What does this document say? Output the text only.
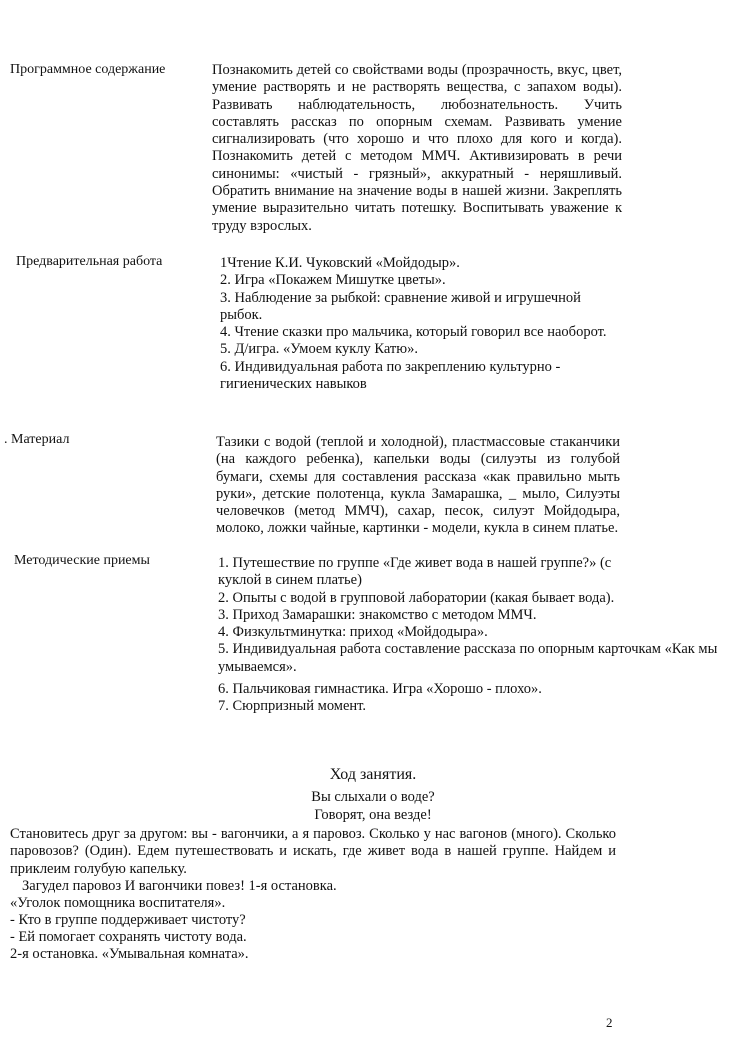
Программное содержание	Познакомить детей со свойствами воды (прозрачность, вкус, цвет, умение растворять и не растворять вещества, с запахом воды). Развивать наблюдательность, любознательность. Учить составлять рассказ по опорным схемам. Развивать умение сигнализировать (что хорошо и что плохо для кого и когда). Познакомить детей с методом ММЧ. Активизировать в речи синонимы: «чистый - грязный», аккуратный - неряшливый. Обратить внимание на значение воды в нашей жизни. Закреплять умение выразительно читать потешку. Воспитывать уважение к труду взрослых.
Предварительная работа	1Чтение К.И. Чуковский «Мойдодыр».
2. Игра «Покажем Мишутке цветы».
3. Наблюдение за рыбкой: сравнение живой и игрушечной рыбок.
4. Чтение сказки про мальчика, который говорил все наоборот.
5. Д/игра. «Умоем куклу Катю».
6. Индивидуальная работа по закреплению культурно - гигиенических навыков
. Материал	Тазики с водой (теплой и холодной), пластмассовые стаканчики (на каждого ребенка), капельки воды (силуэты из голубой бумаги, схемы для составления рассказа «как правильно мыть руки», детские полотенца, кукла Замарашка, _ мыло, Силуэты человечков (метод ММЧ), сахар, песок, силуэт Мойдодыра, молоко, ложки чайные, картинки - модели, кукла в синем платье.
Методические приемы	1. Путешествие по группе «Где живет вода в нашей группе?» (с куклой в синем платье)
2. Опыты с водой в групповой лаборатории (какая бывает вода).
3. Приход Замарашки: знакомство с методом ММЧ.
4. Физкультминутка: приход «Мойдодыра».
5. Индивидуальная работа составление рассказа по опорным карточкам «Как мы умываемся».
6. Пальчиковая гимнастика. Игра «Хорошо - плохо».
7. Сюрпризный момент.
Ход занятия.
Вы слыхали о воде?
Говорят, она везде!
Становитесь друг за другом: вы - вагончики, а я паровоз. Сколько у нас вагонов (много). Сколько паровозов? (Один). Едем путешествовать и искать, где живет вода в нашей группе. Найдем и приклеим голубую капельку.
Загудел паровоз И вагончики повез! 1-я остановка.
«Уголок помощника воспитателя».
- Кто в группе поддерживает чистоту?
- Ей помогает сохранять чистоту вода.
2-я остановка. «Умывальная комната».
2
